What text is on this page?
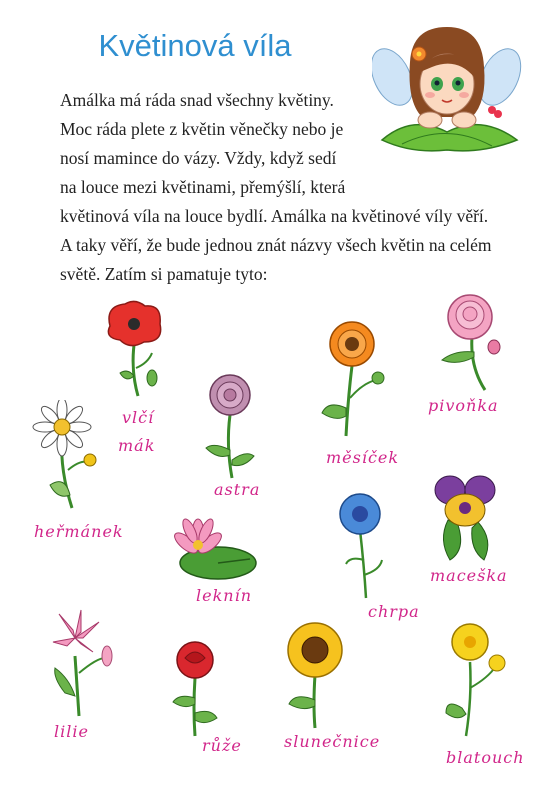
Květinová víla

Amálka má ráda snad všechny květiny.

Moc ráda plete z květin věnečky nebo je

nosí mamince do vázy. Vždy, když sedí

na louce mezi květinami, přemýšlí, která

květinová víla na louce bydlí. Amálka na květinové víly věří.

A taky věří, že bude jednou znát názvy všech květin na celém

světě. Zatím si pamatuje tyto:

vlčí
mák
pivoňka
heřmánek
astra
měsíček
leknín
chrpa
maceška
lilie
růže	slunečnice
blatouch
